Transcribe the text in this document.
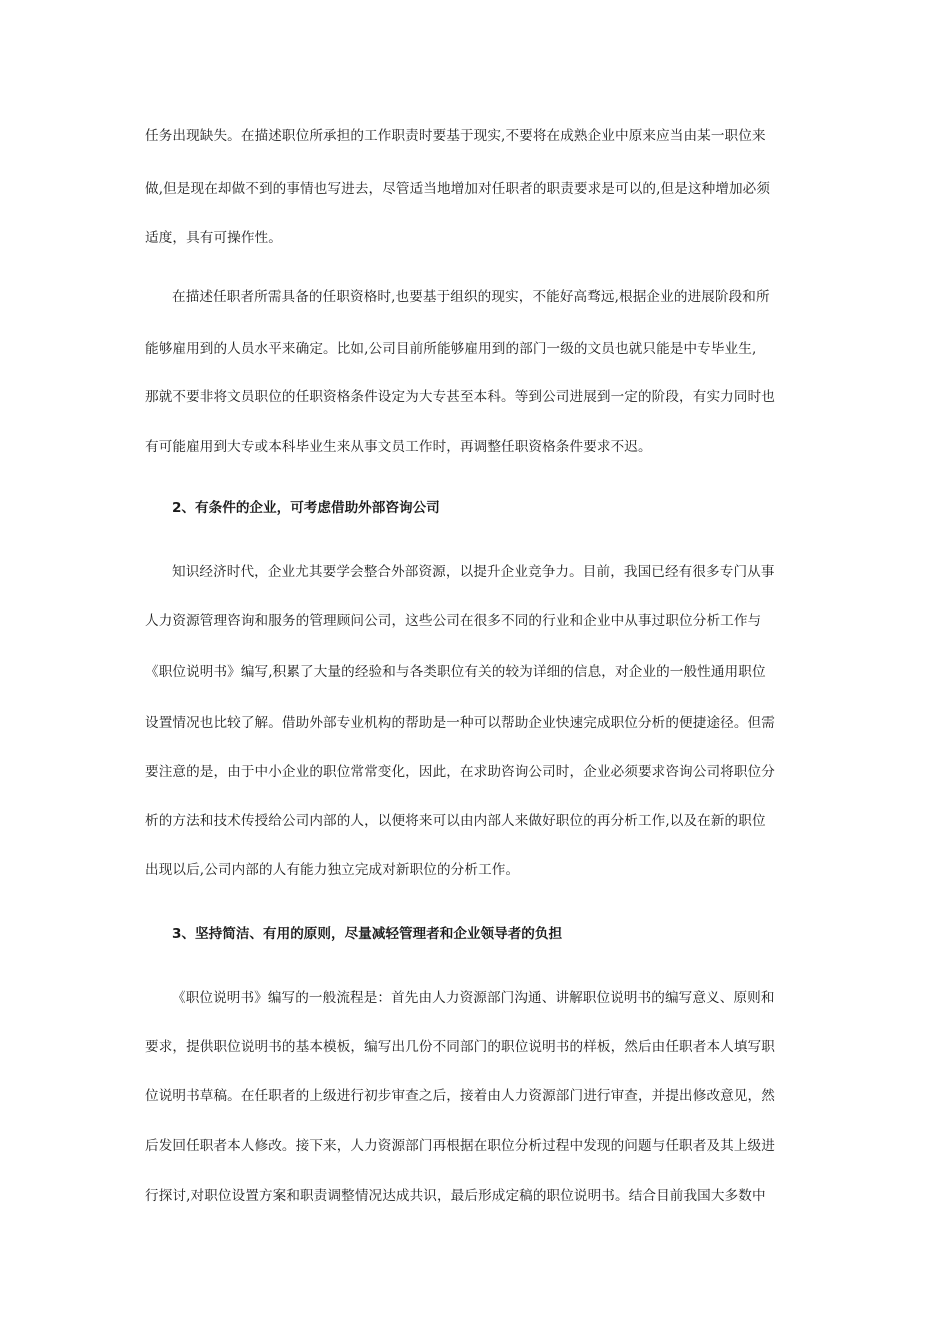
任务出现缺失。在描述职位所承担的工作职责时要基于现实,不要将在成熟企业中原来应当由某一职位来
做,但是现在却做不到的事情也写进去，尽管适当地增加对任职者的职责要求是可以的,但是这种增加必须
适度，具有可操作性。
在描述任职者所需具备的任职资格时,也要基于组织的现实，不能好高骛远,根据企业的进展阶段和所
能够雇用到的人员水平来确定。比如,公司目前所能够雇用到的部门一级的文员也就只能是中专毕业生,
那就不要非将文员职位的任职资格条件设定为大专甚至本科。等到公司进展到一定的阶段，有实力同时也
有可能雇用到大专或本科毕业生来从事文员工作时，再调整任职资格条件要求不迟。
2、有条件的企业，可考虑借助外部咨询公司
知识经济时代，企业尤其要学会整合外部资源，以提升企业竞争力。目前，我国已经有很多专门从事
人力资源管理咨询和服务的管理顾问公司，这些公司在很多不同的行业和企业中从事过职位分析工作与
《职位说明书》编写,积累了大量的经验和与各类职位有关的较为详细的信息，对企业的一般性通用职位
设置情况也比较了解。借助外部专业机构的帮助是一种可以帮助企业快速完成职位分析的便捷途径。但需
要注意的是，由于中小企业的职位常常变化，因此，在求助咨询公司时，企业必须要求咨询公司将职位分
析的方法和技术传授给公司内部的人，以便将来可以由内部人来做好职位的再分析工作,以及在新的职位
出现以后,公司内部的人有能力独立完成对新职位的分析工作。
3、坚持简洁、有用的原则，尽量减轻管理者和企业领导者的负担
《职位说明书》编写的一般流程是：首先由人力资源部门沟通、讲解职位说明书的编写意义、原则和
要求，提供职位说明书的基本模板，编写出几份不同部门的职位说明书的样板，然后由任职者本人填写职
位说明书草稿。在任职者的上级进行初步审查之后，接着由人力资源部门进行审查，并提出修改意见，然
后发回任职者本人修改。接下来，人力资源部门再根据在职位分析过程中发现的问题与任职者及其上级进
行探讨,对职位设置方案和职责调整情况达成共识，最后形成定稿的职位说明书。结合目前我国大多数中
